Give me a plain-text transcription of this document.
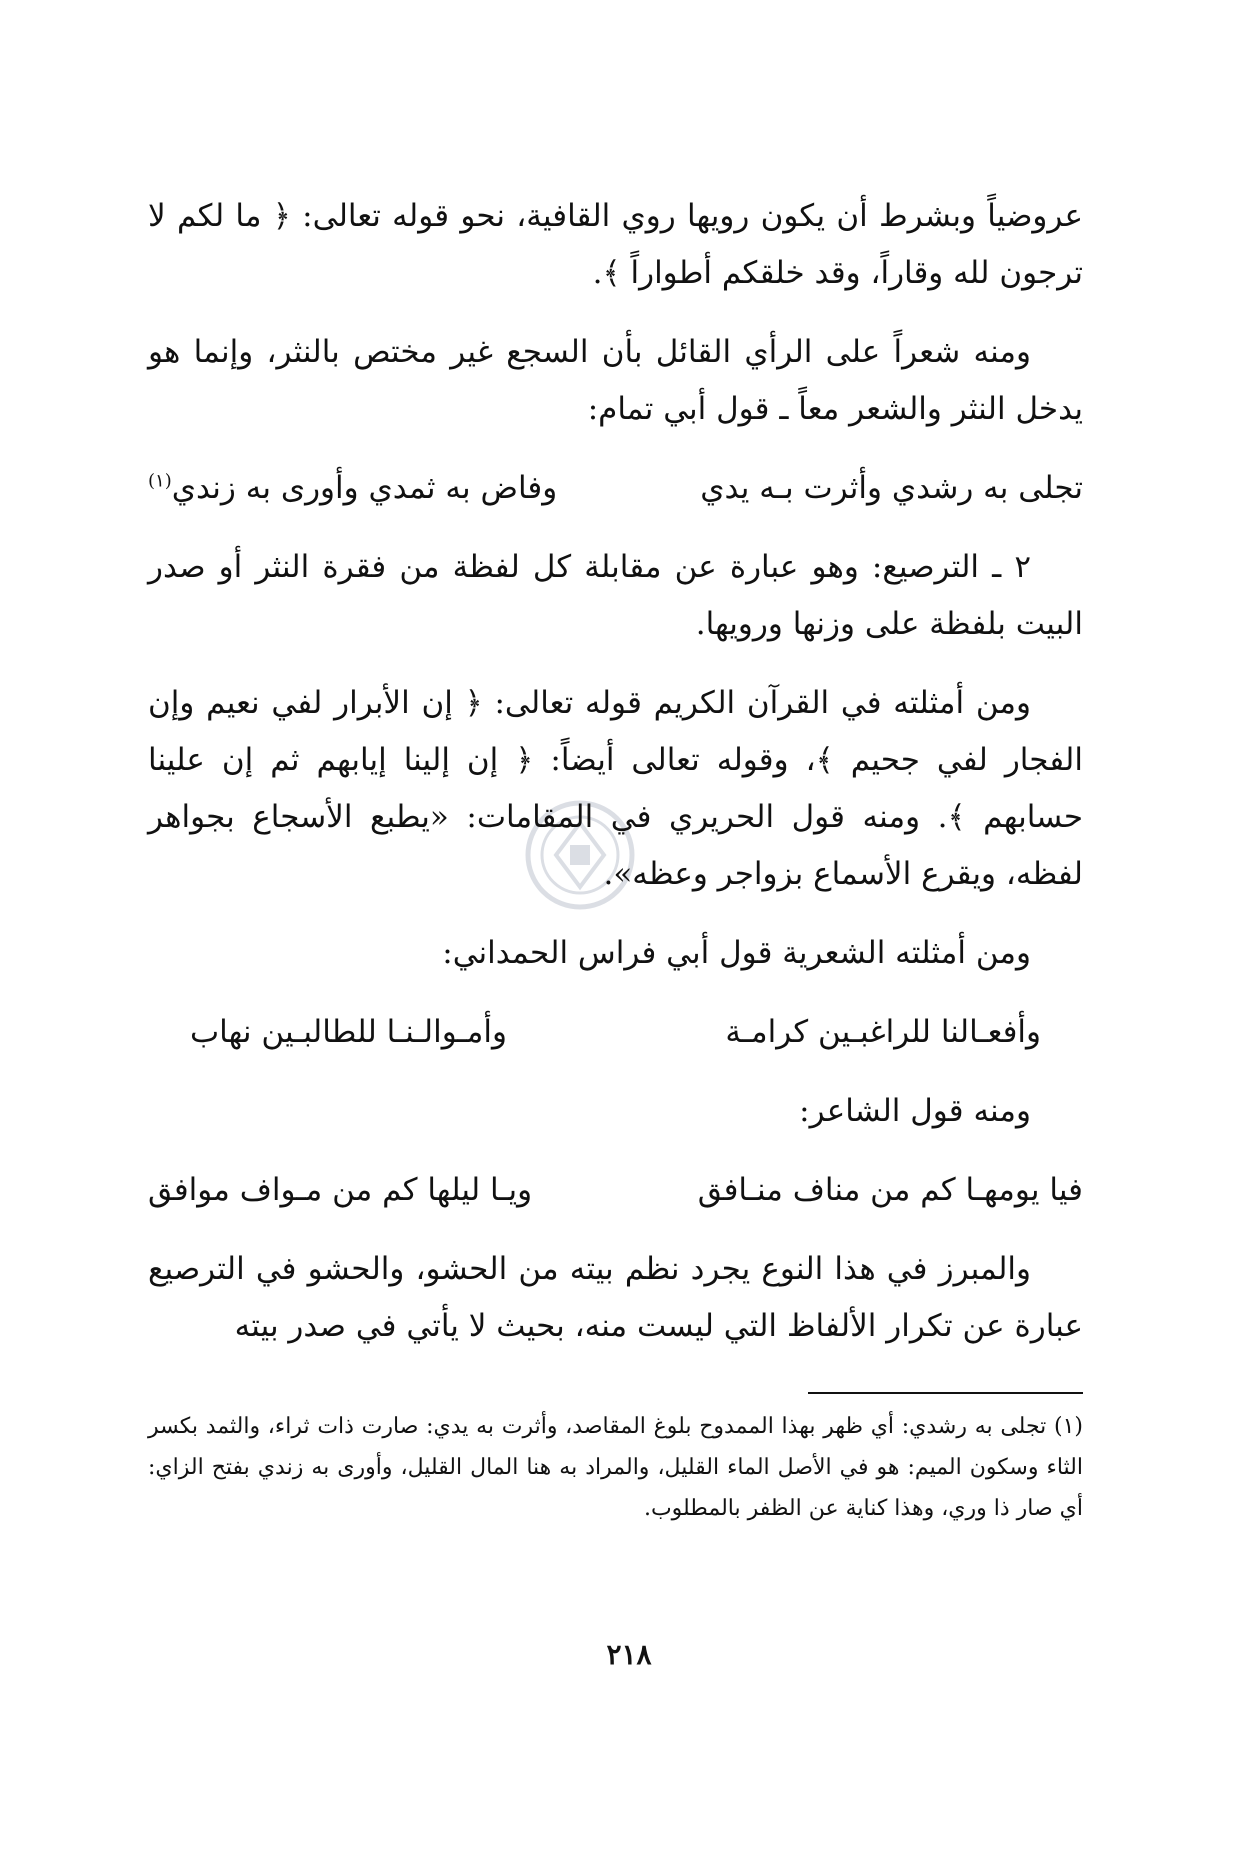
عروضياً وبشرط أن يكون رويها روي القافية، نحو قوله تعالى: ﴿ ما لكم لا ترجون لله وقاراً، وقد خلقكم أطواراً ﴾.

ومنه شعراً على الرأي القائل بأن السجع غير مختص بالنثر، وإنما هو يدخل النثر والشعر معاً ـ قول أبي تمام:

تجلى به رشدي وأثرت بـه يدي
وفاض به ثمدي وأورى به زندي$^{(١)}$

٢ ـ الترصيع: وهو عبارة عن مقابلة كل لفظة من فقرة النثر أو صدر البيت بلفظة على وزنها ورويها.

ومن أمثلته في القرآن الكريم قوله تعالى: ﴿ إن الأبرار لفي نعيم وإن الفجار لفي جحيم ﴾، وقوله تعالى أيضاً: ﴿ إن إلينا إيابهم ثم إن علينا حسابهم ﴾. ومنه قول الحريري في المقامات: «يطبع الأسجاع بجواهر لفظه، ويقرع الأسماع بزواجر وعظه».

ومن أمثلته الشعرية قول أبي فراس الحمداني:

وأفعـالنا للراغبـين كرامـة
وأمـوالـنـا للطالبـين نهاب

ومنه قول الشاعر:

فيا يومهـا كم من مناف منـافق
ويـا ليلها كم من مـواف موافق

والمبرز في هذا النوع يجرد نظم بيته من الحشو، والحشو في الترصيع عبارة عن تكرار الألفاظ التي ليست منه، بحيث لا يأتي في صدر بيته

(١) تجلى به رشدي: أي ظهر بهذا الممدوح بلوغ المقاصد، وأثرت به يدي: صارت ذات ثراء، والثمد بكسر الثاء وسكون الميم: هو في الأصل الماء القليل، والمراد به هنا المال القليل، وأورى به زندي بفتح الزاي: أي صار ذا وري، وهذا كناية عن الظفر بالمطلوب.

٢١٨
